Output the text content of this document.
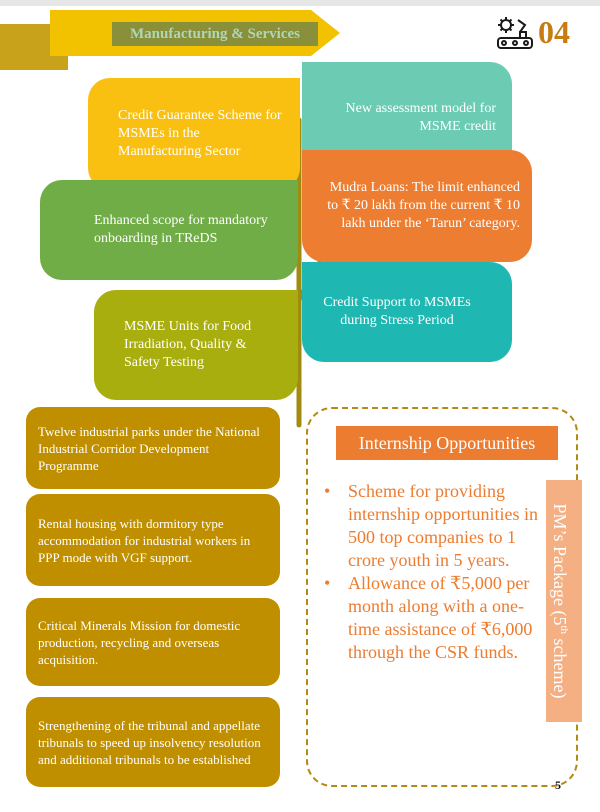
Manufacturing & Services	04
Credit Guarantee Scheme for MSMEs in the Manufacturing Sector
Enhanced scope for mandatory onboarding in TReDS
MSME Units for Food Irradiation, Quality & Safety Testing
New assessment model for MSME credit
Mudra Loans: The limit enhanced to ₹ 20 lakh from the current ₹ 10 lakh under the ‘Tarun’ category.
Credit Support to MSMEs during Stress Period
Twelve industrial parks under the National Industrial Corridor Development Programme
Rental housing with dormitory type accommodation for industrial workers in PPP mode with VGF support.
Critical Minerals Mission for domestic production, recycling and overseas acquisition.
Strengthening of the tribunal and appellate tribunals to speed up insolvency resolution and additional tribunals to be established
Internship Opportunities
• Scheme for providing internship opportunities in 500 top companies to 1 crore youth in 5 years.
• Allowance of ₹5,000 per month along with a one-time assistance of ₹6,000 through the CSR funds.
PM’s Package (5th scheme)
5
